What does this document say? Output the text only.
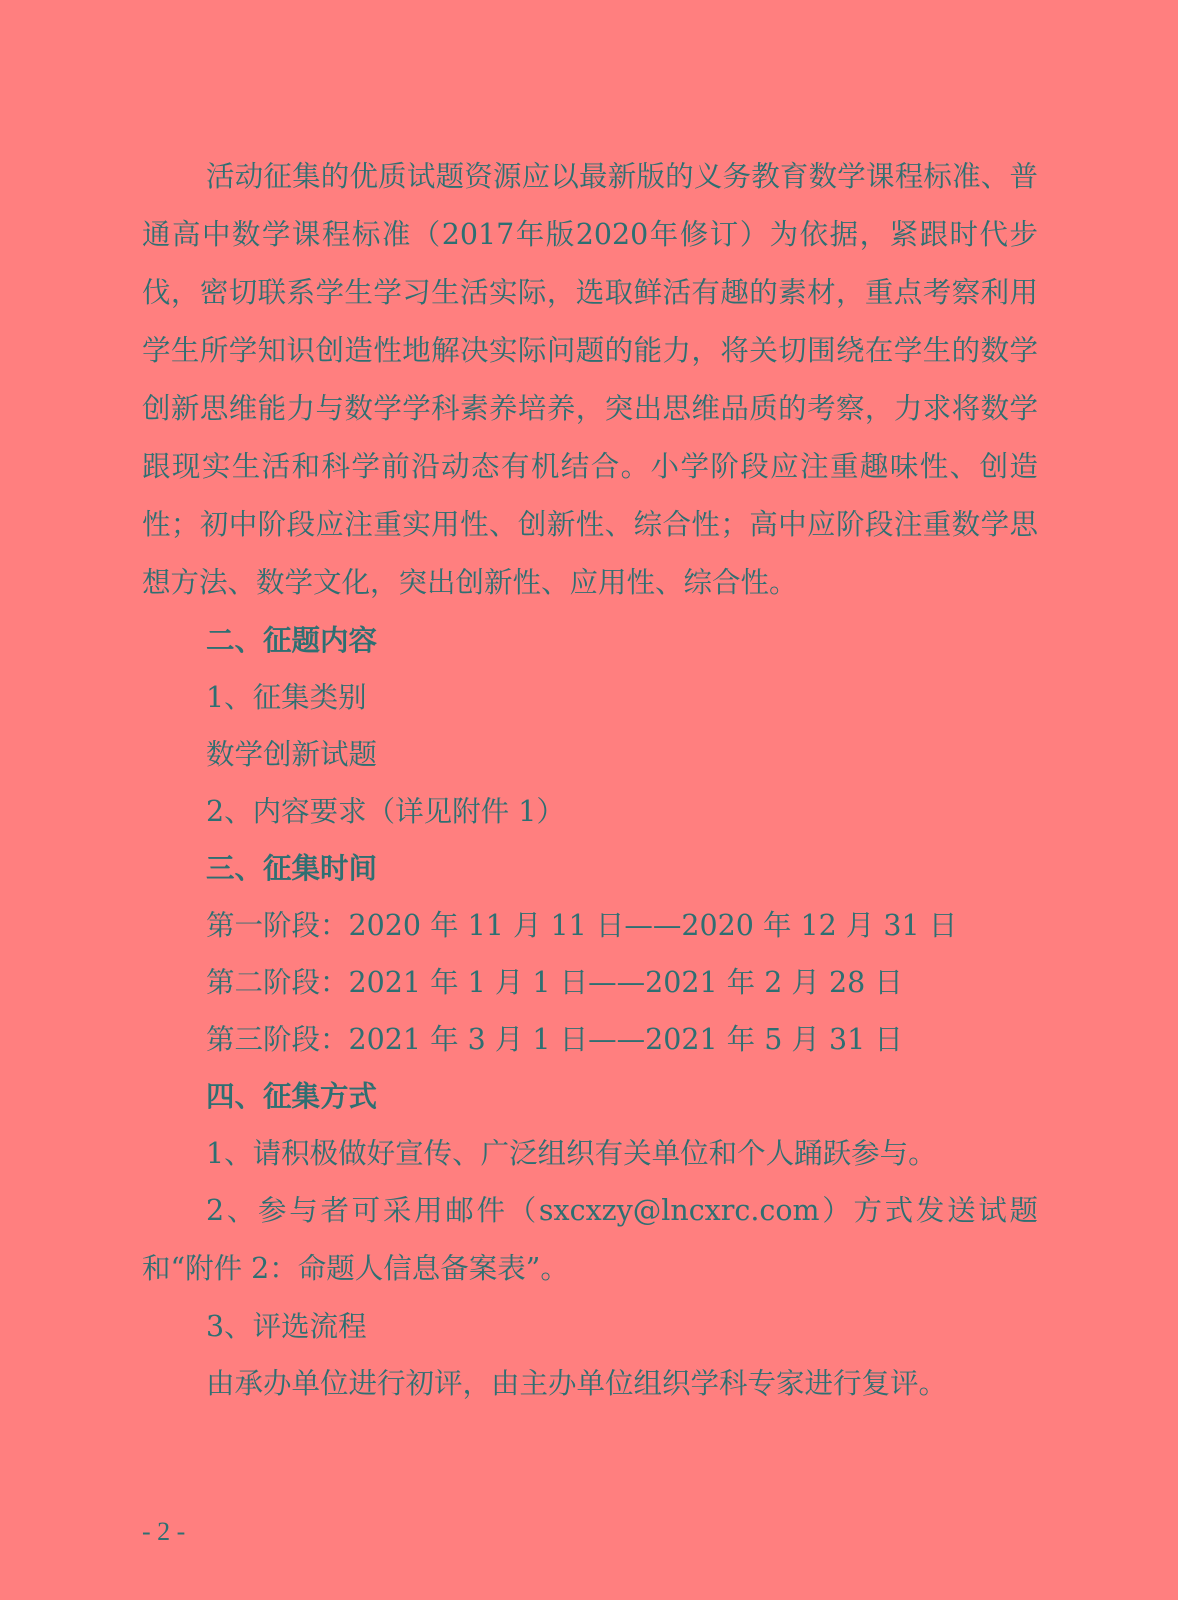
活动征集的优质试题资源应以最新版的义务教育数学课程标准、普通高中数学课程标准（2017年版2020年修订）为依据，紧跟时代步伐，密切联系学生学习生活实际，选取鲜活有趣的素材，重点考察利用学生所学知识创造性地解决实际问题的能力，将关切围绕在学生的数学创新思维能力与数学学科素养培养，突出思维品质的考察，力求将数学跟现实生活和科学前沿动态有机结合。小学阶段应注重趣味性、创造性；初中阶段应注重实用性、创新性、综合性；高中应阶段注重数学思想方法、数学文化，突出创新性、应用性、综合性。

二、征题内容

1、征集类别

数学创新试题

2、内容要求（详见附件 1）

三、征集时间

第一阶段：2020 年 11 月 11 日——2020 年 12 月 31 日

第二阶段：2021 年 1 月 1 日——2021 年 2 月 28 日

第三阶段：2021 年 3 月 1 日——2021 年 5 月 31 日

四、征集方式

1、请积极做好宣传、广泛组织有关单位和个人踊跃参与。

2、参与者可采用邮件（sxcxzy@lncxrc.com）方式发送试题和“附件 2：命题人信息备案表”。

3、评选流程

由承办单位进行初评，由主办单位组织学科专家进行复评。

- 2 -
